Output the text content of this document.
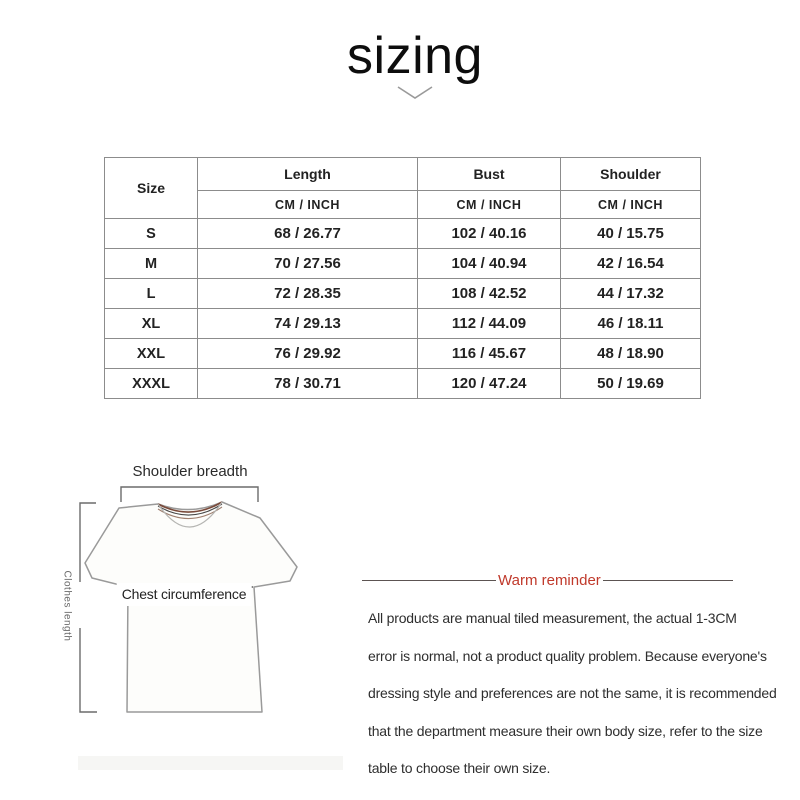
sizing
Size	Length	Bust	Shoulder
	CM / INCH	CM / INCH	CM / INCH
S	68 / 26.77	102 / 40.16	40 / 15.75
M	70 / 27.56	104 / 40.94	42 / 16.54
L	72 / 28.35	108 / 42.52	44 / 17.32
XL	74 / 29.13	112 / 44.09	46 / 18.11
XXL	76 / 29.92	116 / 45.67	48 / 18.90
XXXL	78 / 30.71	120 / 47.24	50 / 19.69
Shoulder breadth
Chest circumference
Clothes length	Warm reminder
All products are manual tiled measurement, the actual 1-3CM
error is normal, not a product quality problem. Because everyone's
dressing style and preferences are not the same, it is recommended
that the department measure their own body size, refer to the size
table to choose their own size.
